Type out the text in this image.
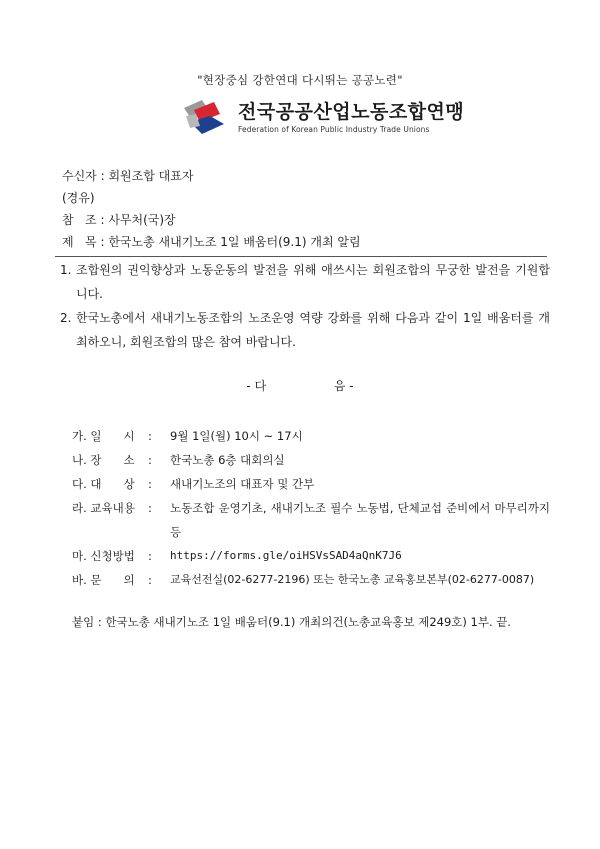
"현장중심 강한연대 다시뛰는 공공노련"
전국공공산업노동조합연맹
Federation of Korean Public Industry Trade Unions
수신자 : 회원조합 대표자
(경유)
참   조 : 사무처(국)장
제   목 : 한국노총 새내기노조 1일 배움터(9.1) 개최 알림
1. 조합원의 권익향상과 노동운동의 발전을 위해 애쓰시는 회원조합의 무궁한 발전을 기원합니다.
2. 한국노총에서 새내기노동조합의 노조운영 역량 강화를 위해 다음과 같이 1일 배움터를 개최하오니, 회원조합의 많은 참여 바랍니다.
- 다	음 -
가. 일      시 : 9월 1일(월) 10시 ~ 17시
나. 장      소 : 한국노총 6층 대회의실
다. 대      상 : 새내기노조의 대표자 및 간부
라. 교육내용 : 노동조합 운영기초, 새내기노조 필수 노동법, 단체교섭 준비에서 마무리까지 등
마. 신청방법 : https://forms.gle/oiHSVsSAD4aQnK7J6
바. 문      의 : 교육선전실(02-6277-2196) 또는 한국노총 교육홍보본부(02-6277-0087)
붙임 : 한국노총 새내기노조 1일 배움터(9.1) 개최의건(노총교육홍보 제249호) 1부. 끝.
